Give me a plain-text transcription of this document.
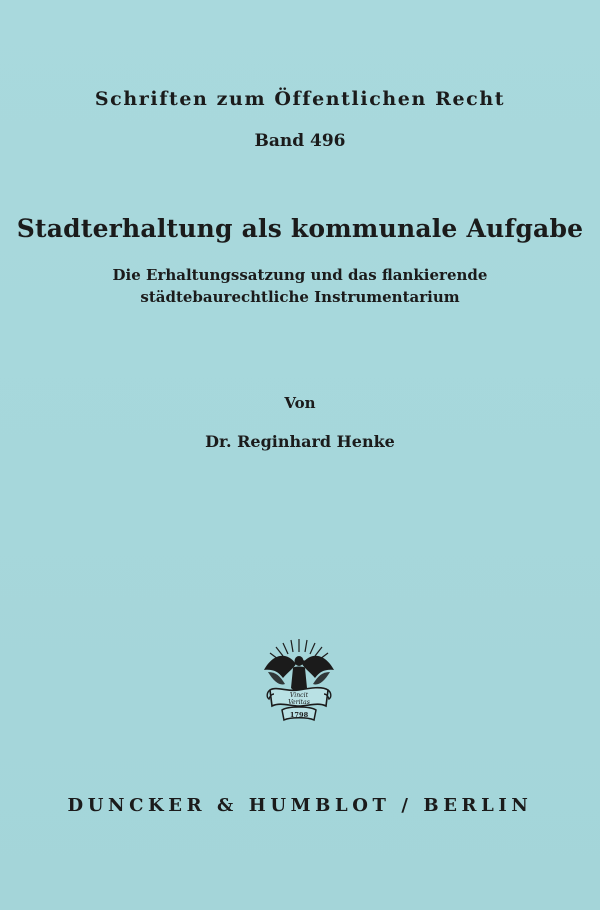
Schriften zum Öffentlichen Recht
Band 496
Stadterhaltung als kommunale Aufgabe
Die Erhaltungssatzung und das flankierende
städtebaurechtliche Instrumentarium
Von
Dr. Reginhard Henke
Vincit
Veritas
1798
DUNCKER & HUMBLOT / BERLIN
